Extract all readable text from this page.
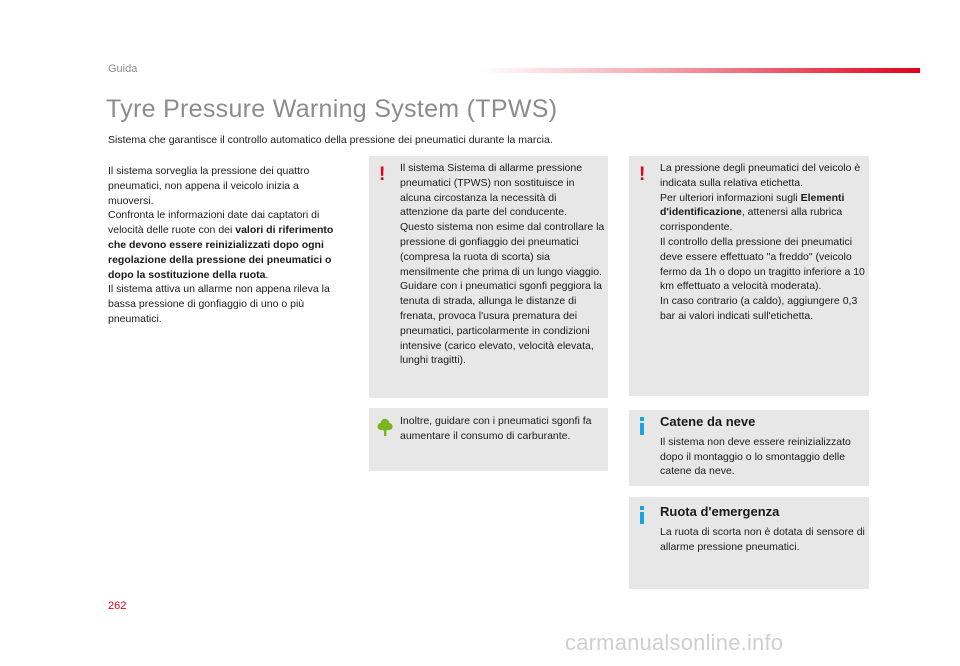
Guida
Tyre Pressure Warning System (TPWS)
Sistema che garantisce il controllo automatico della pressione dei pneumatici durante la marcia.

Il sistema sorveglia la pressione dei quattro pneumatici, non appena il veicolo inizia a muoversi.

Confronta le informazioni date dai captatori di velocità delle ruote con dei valori di riferimento che devono essere reinizializzati dopo ogni regolazione della pressione dei pneumatici o dopo la sostituzione della ruota.

Il sistema attiva un allarme non appena rileva la bassa pressione di gonfiaggio di uno o più pneumatici.

! Il sistema Sistema di allarme pressione pneumatici (TPWS) non sostituisce in alcuna circostanza la necessità di attenzione da parte del conducente.

Questo sistema non esime dal controllare la pressione di gonfiaggio dei pneumatici (compresa la ruota di scorta) sia mensilmente che prima di un lungo viaggio.

Guidare con i pneumatici sgonfi peggiora la tenuta di strada, allunga le distanze di frenata, provoca l'usura prematura dei pneumatici, particolarmente in condizioni intensive (carico elevato, velocità elevata, lunghi tragitti).

! La pressione degli pneumatici del veicolo è indicata sulla relativa etichetta.

Per ulteriori informazioni sugli Elementi d'identificazione, attenersi alla rubrica corrispondente.

Il controllo della pressione dei pneumatici deve essere effettuato "a freddo" (veicolo fermo da 1h o dopo un tragitto inferiore a 10 km effettuato a velocità moderata).

In caso contrario (a caldo), aggiungere 0,3 bar ai valori indicati sull'etichetta.

Inoltre, guidare con i pneumatici sgonfi fa aumentare il consumo di carburante.
Catene da neve

Il sistema non deve essere reinizializzato dopo il montaggio o lo smontaggio delle catene da neve.

Ruota d'emergenza

La ruota di scorta non è dotata di sensore di allarme pressione pneumatici.

262
carmanualsonline.info
